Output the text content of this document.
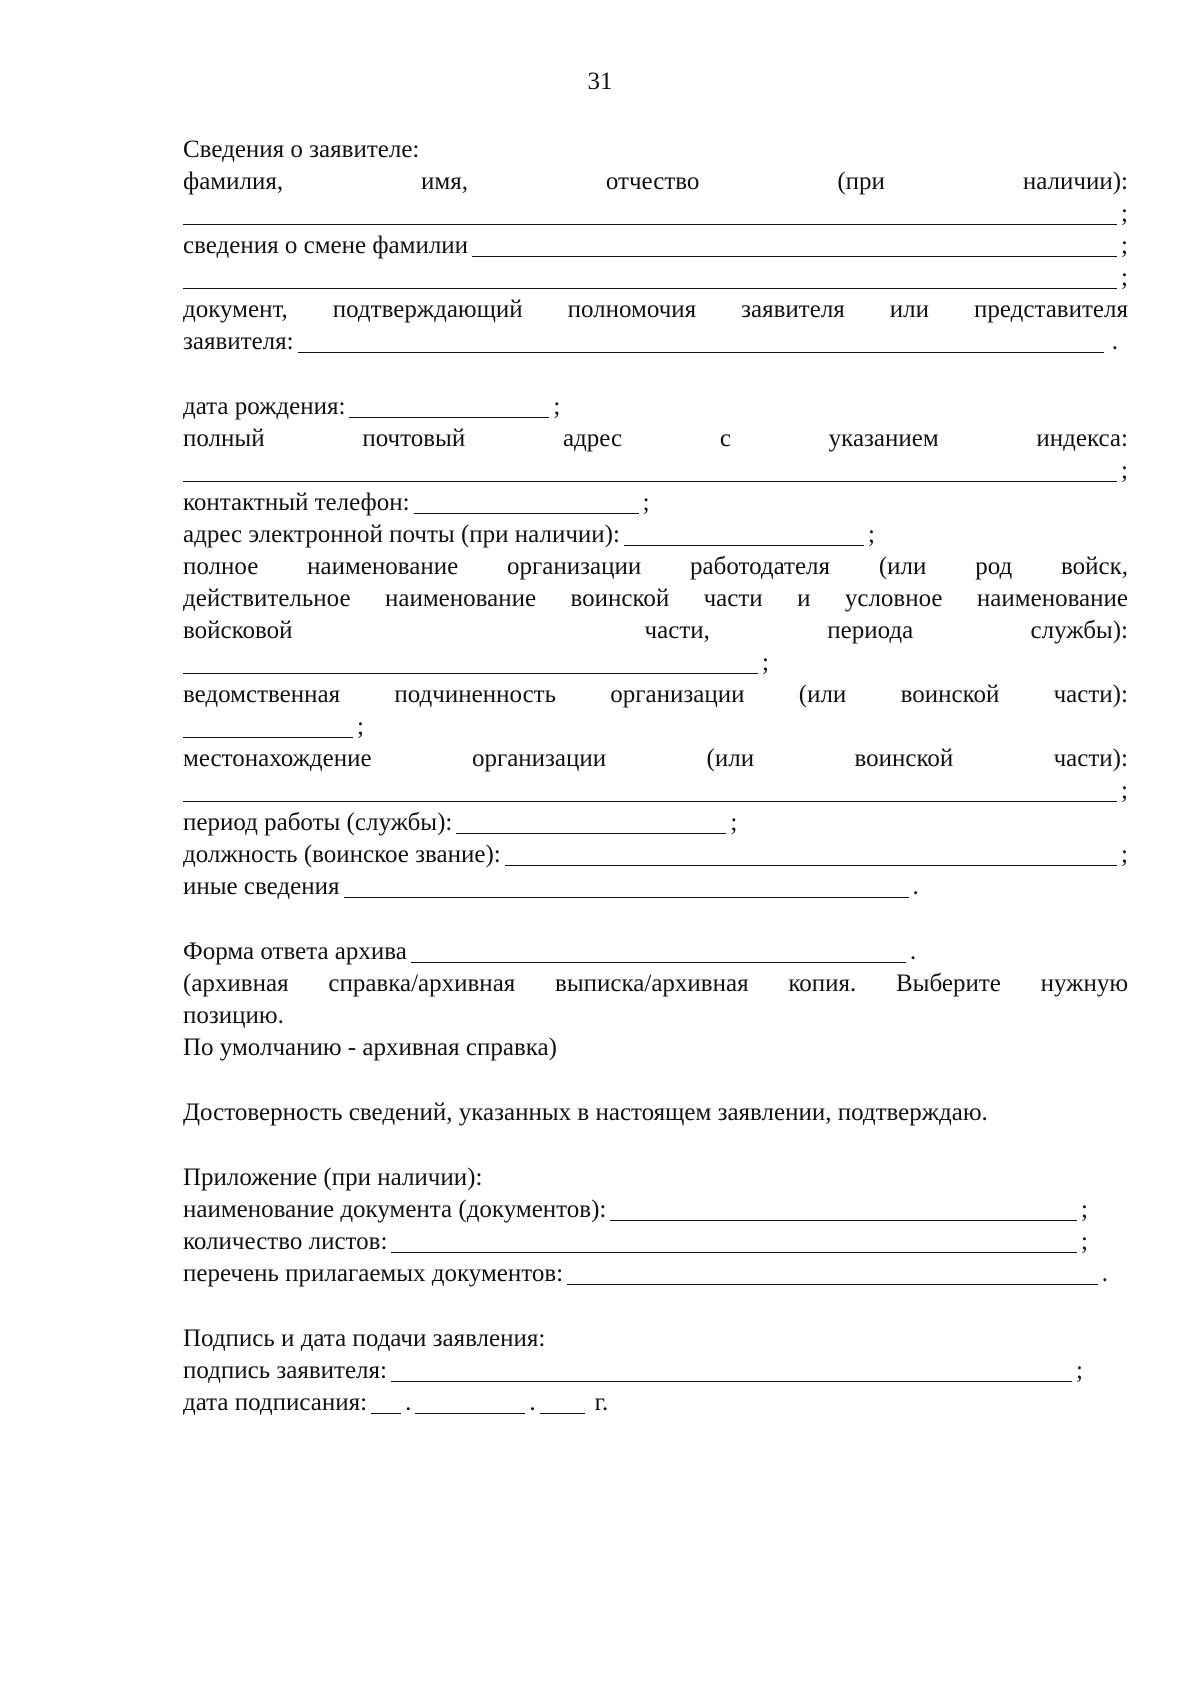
31
Сведения о заявителе:
фамилия,	имя,	отчество	(при	наличии):
;
сведения о смене фамилии	;
;
документ, подтверждающий полномочия заявителя или представителя
заявителя:	.
дата рождения:	;
полный	почтовый	адрес	с	указанием	индекса:
;
контактный телефон:	;
адрес электронной почты (при наличии):	;
полное наименование организации работодателя (или род войск,
действительное наименование воинской части и условное наименование
войсковой	части,	периода	службы):
;
ведомственная подчиненность организации (или воинской части):
;
местонахождение	организации	(или	воинской	части):
;
период работы (службы):	;
должность (воинское звание):	;
иные сведения	.
Форма ответа архива	.
(архивная справка/архивная выписка/архивная копия. Выберите нужную
позицию.
По умолчанию - архивная справка)
Достоверность сведений, указанных в настоящем заявлении, подтверждаю.
Приложение (при наличии):
наименование документа (документов):	;
количество листов:	;
перечень прилагаемых документов:	.
Подпись и дата подачи заявления:
подпись заявителя:	;
дата подписания: .	. г.
